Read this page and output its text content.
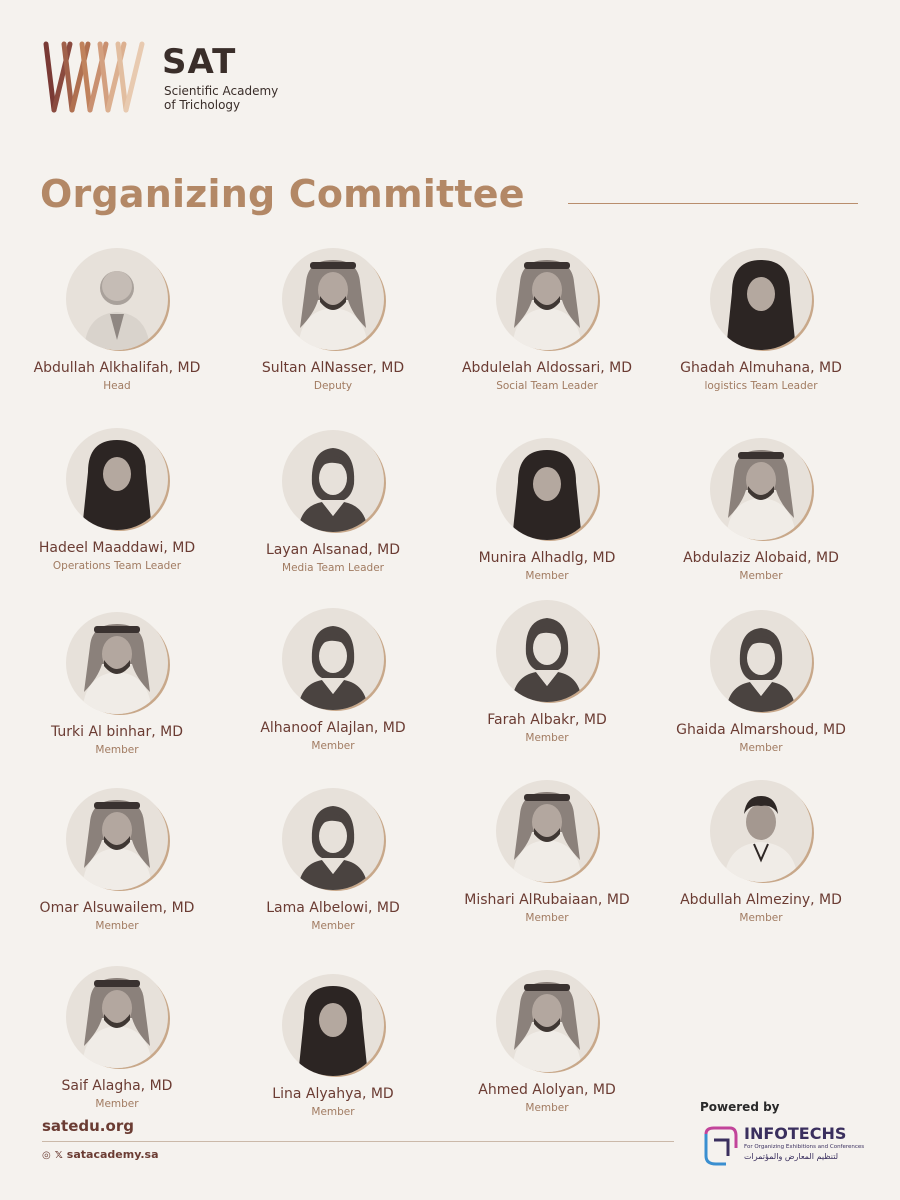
SAT
Scientific Academy
of Trichology
Organizing Committee
Abdullah Alkhalifah, MD
Head
Sultan AlNasser, MD
Deputy
Abdulelah Aldossari, MD
Social Team Leader
Ghadah Almuhana, MD
logistics Team Leader
Hadeel Maaddawi, MD
Operations Team Leader
Layan Alsanad, MD
Media Team Leader
Munira Alhadlg, MD
Member
Abdulaziz Alobaid, MD
Member
Turki Al binhar, MD
Member
Alhanoof Alajlan, MD
Member
Farah Albakr, MD
Member	Ghaida Almarshoud, MD
Member
Omar Alsuwailem, MD
Member
Lama Albelowi, MD
Member
Mishari AlRubaiaan, MD
Member
Abdullah Almeziny, MD
Member
Saif Alagha, MD
Member
Lina Alyahya, MD
Member
Ahmed Alolyan, MD
Member
satedu.org
◎ 𝕏 satacademy.sa
Powered by
INFOTECHS
For Organizing Exhibitions and Conferences
لتنظيم المعارض والمؤتمرات
